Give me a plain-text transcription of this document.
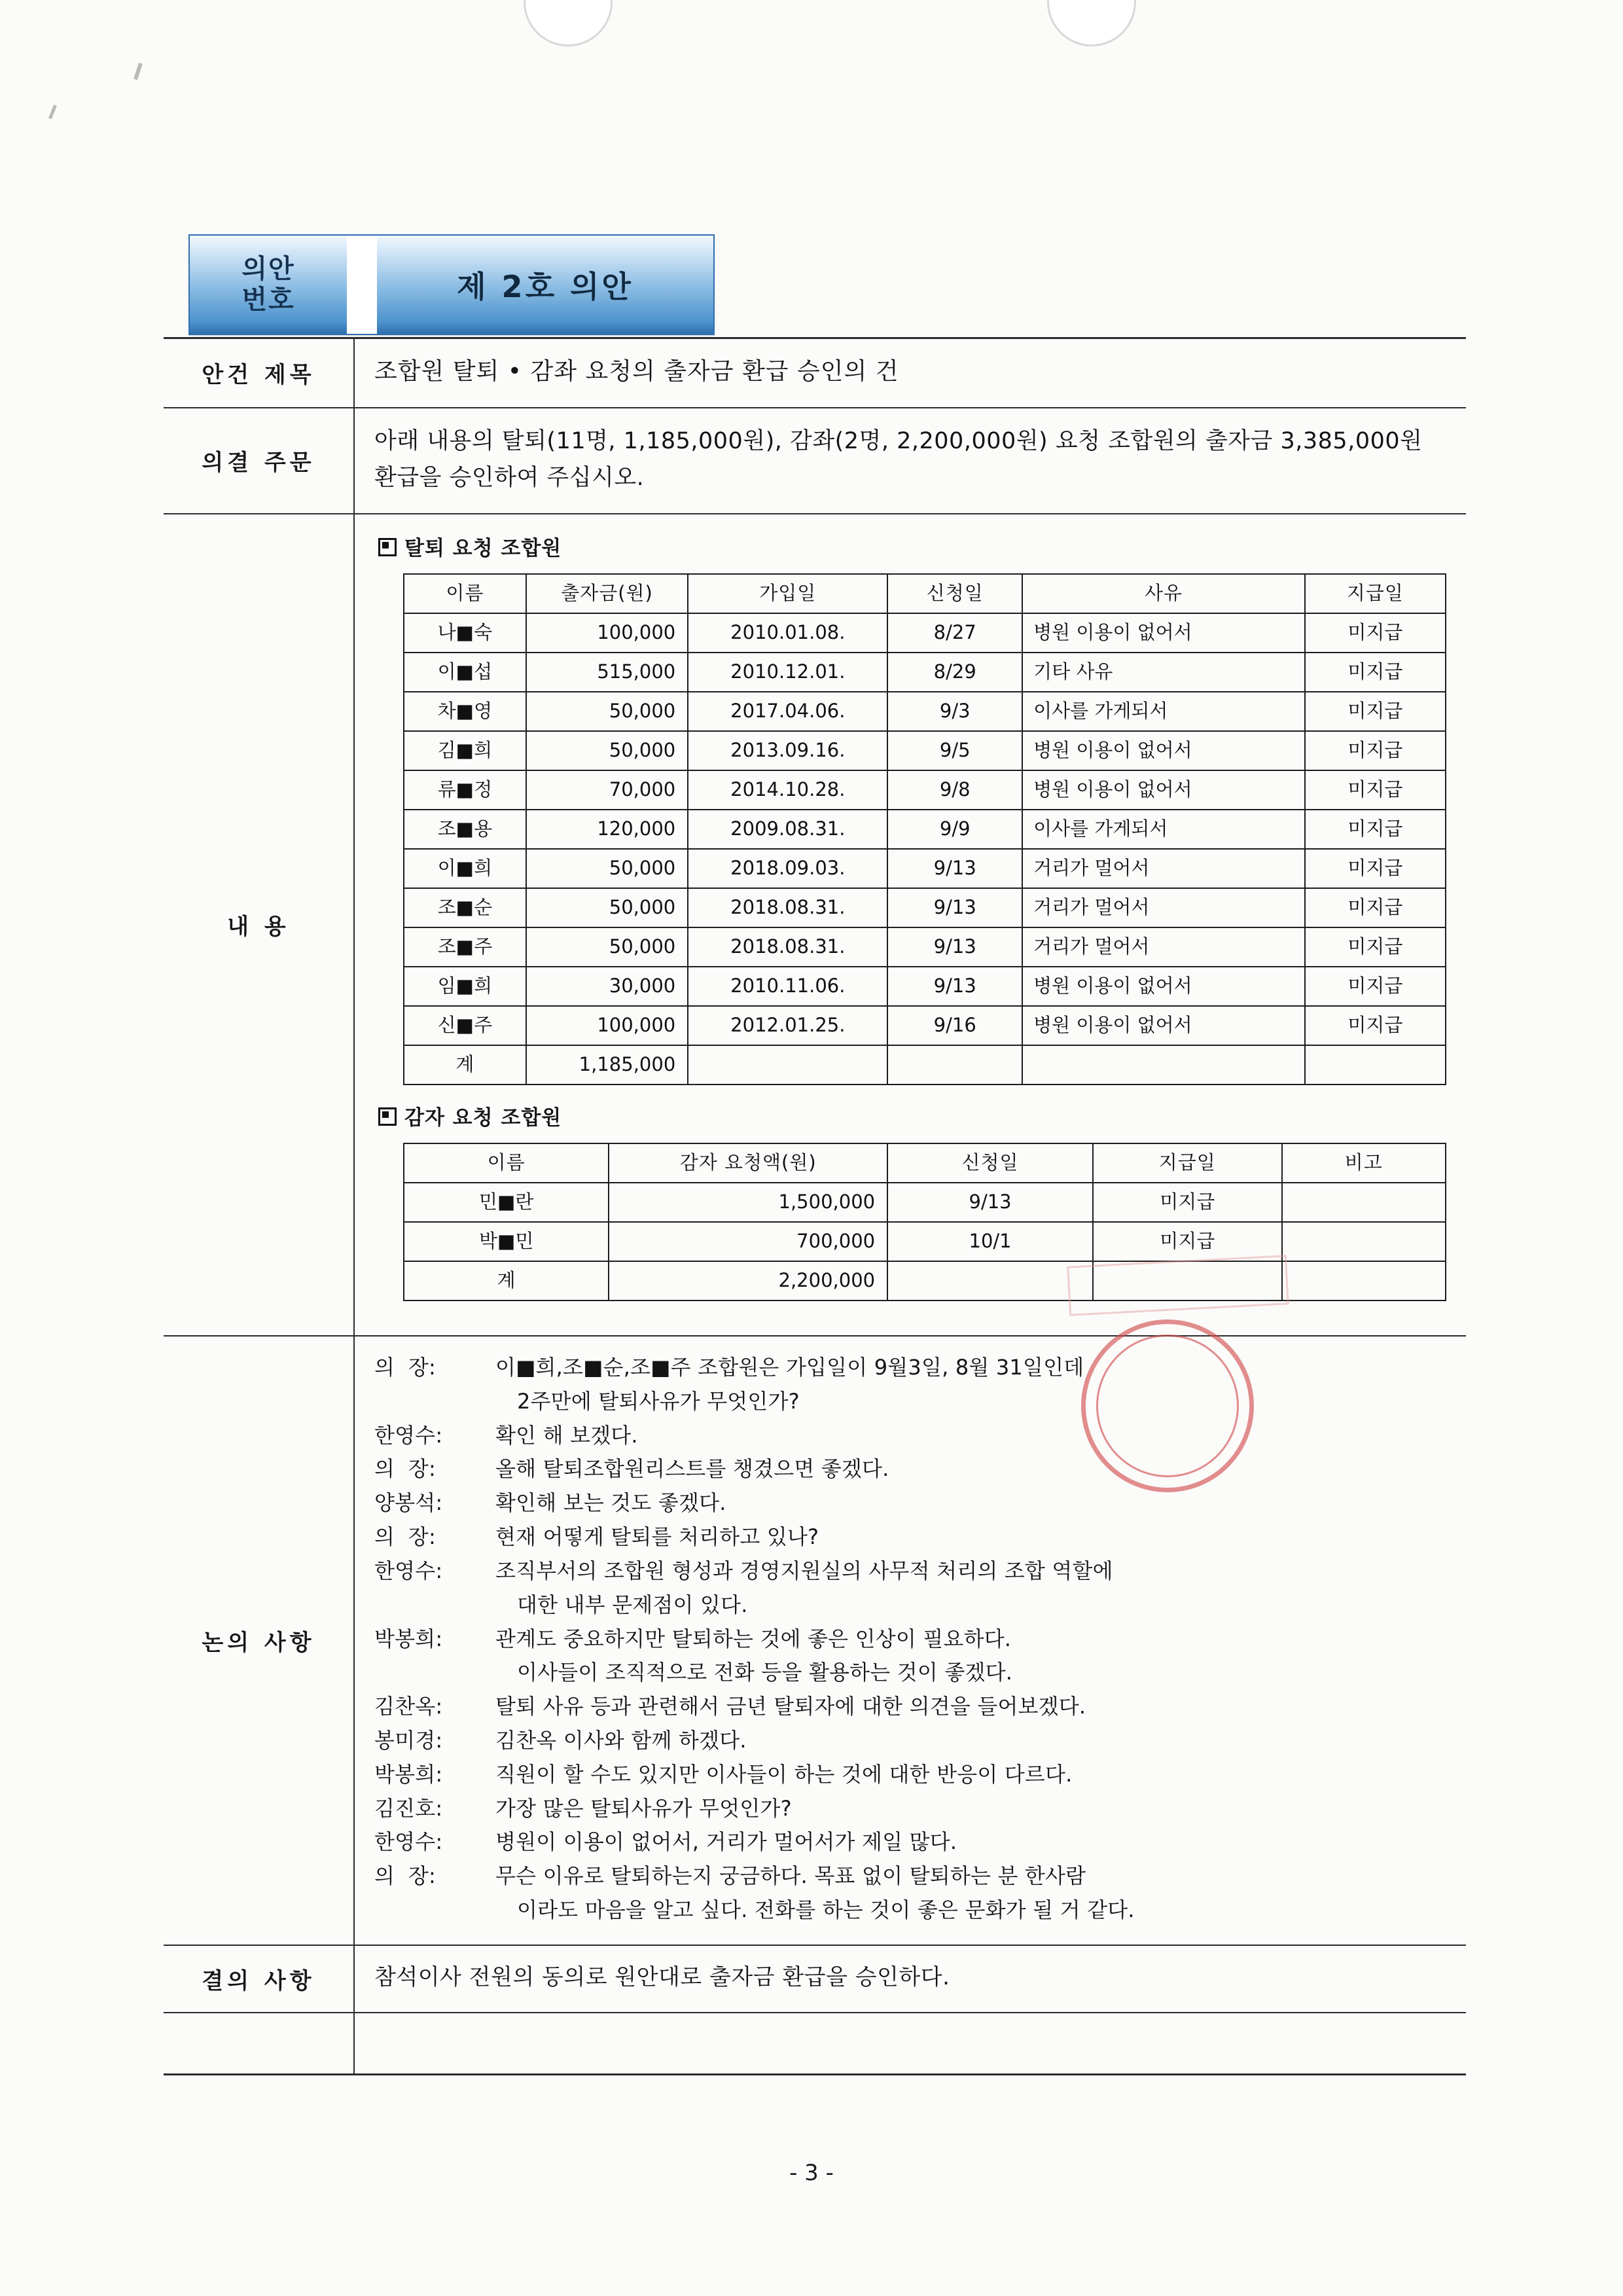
의안
번호	제 2호 의안
안건 제목	조합원 탈퇴 • 감좌 요청의 출자금 환급 승인의 건
의결 주문
아래 내용의 탈퇴(11명, 1,185,000원), 감좌(2명, 2,200,000원) 요청 조합원의 출자금 3,385,000원 환급을 승인하여 주십시오.
내 용
탈퇴 요청 조합원
이름	출자금(원)	가입일	신청일	사유	지급일
나■숙	100,000	2010.01.08.	8/27	병원 이용이 없어서	미지급
이■섭	515,000	2010.12.01.	8/29	기타 사유	미지급
차■영	50,000	2017.04.06.	9/3	이사를 가게되서	미지급
김■희	50,000	2013.09.16.	9/5	병원 이용이 없어서	미지급
류■정	70,000	2014.10.28.	9/8	병원 이용이 없어서	미지급
조■용	120,000	2009.08.31.	9/9	이사를 가게되서	미지급
이■희	50,000	2018.09.03.	9/13	거리가 멀어서	미지급
조■순	50,000	2018.08.31.	9/13	거리가 멀어서	미지급
조■주	50,000	2018.08.31.	9/13	거리가 멀어서	미지급
임■희	30,000	2010.11.06.	9/13	병원 이용이 없어서	미지급
신■주	100,000	2012.01.25.	9/16	병원 이용이 없어서	미지급
계	1,185,000				
감자 요청 조합원
이름	감자 요청액(원)	신청일	지급일	비고
민■란	1,500,000	9/13	미지급	
박■민	700,000	10/1	미지급	
계	2,200,000			
논의 사항
의  장:	이■희,조■순,조■주 조합원은 가입일이 9월3일, 8월 31일인데
2주만에 탈퇴사유가 무엇인가?
한영수:	확인 해 보겠다.
의  장:	올해 탈퇴조합원리스트를 챙겼으면 좋겠다.
양봉석:	확인해 보는 것도 좋겠다.
의  장:	현재 어떻게 탈퇴를 처리하고 있나?
한영수:	조직부서의 조합원 형성과 경영지원실의 사무적 처리의 조합 역할에
대한 내부 문제점이 있다.
박봉희:	관계도 중요하지만 탈퇴하는 것에 좋은 인상이 필요하다.
이사들이 조직적으로 전화 등을 활용하는 것이 좋겠다.
김찬옥:	탈퇴 사유 등과 관련해서 금년 탈퇴자에 대한 의견을 들어보겠다.
봉미경:	김찬옥 이사와 함께 하겠다.
박봉희:	직원이 할 수도 있지만 이사들이 하는 것에 대한 반응이 다르다.
김진호:	가장 많은 탈퇴사유가 무엇인가?
한영수:	병원이 이용이 없어서, 거리가 멀어서가 제일 많다.
의  장:	무슨 이유로 탈퇴하는지 궁금하다. 목표 없이 탈퇴하는 분 한사람
이라도 마음을 알고 싶다. 전화를 하는 것이 좋은 문화가 될 거 같다.
결의 사항	참석이사 전원의 동의로 원안대로 출자금 환급을 승인하다.
- 3 -
